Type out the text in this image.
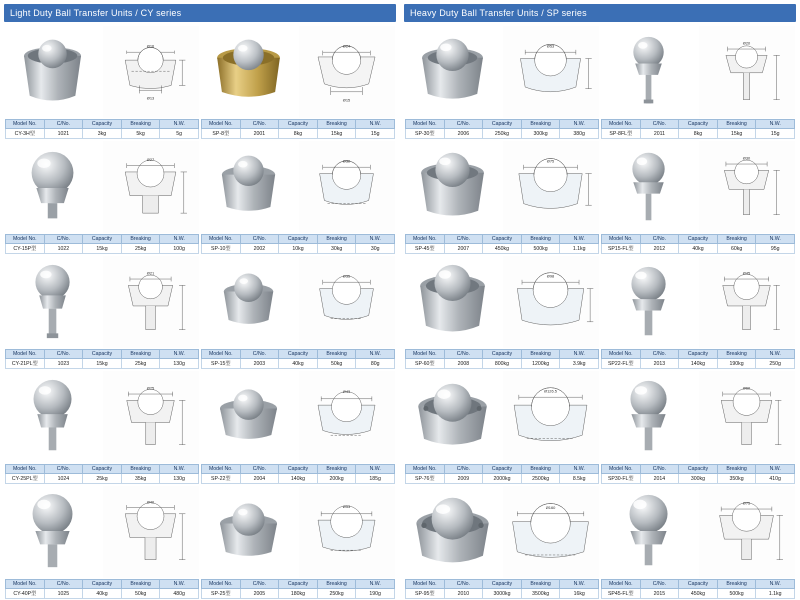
Light Duty Ball Transfer Units / CY series
Ø16
Ø13
Model No.	C/No.	Capacity	Breaking	N.W.
CY-3H型	1021	3kg	5kg	5g
Ø24
Ø15
Model No.	C/No.	Capacity	Breaking	N.W.
SP-8型	2001	8kg	15kg	15g
Ø27
Model No.	C/No.	Capacity	Breaking	N.W.
CY-15P型	1022	15kg	25kg	100g
Ø30
Model No.	C/No.	Capacity	Breaking	N.W.
SP-10型	2002	10kg	30kg	30g
Ø21
Model No.	C/No.	Capacity	Breaking	N.W.
CY-21PL型	1023	15kg	25kg	130g
Ø35
Model No.	C/No.	Capacity	Breaking	N.W.
SP-15型	2003	40kg	50kg	80g
Ø25
Model No.	C/No.	Capacity	Breaking	N.W.
CY-25PL型	1024	25kg	35kg	130g
Ø43
Model No.	C/No.	Capacity	Breaking	N.W.
SP-22型	2004	140kg	200kg	185g
Ø40
Model No.	C/No.	Capacity	Breaking	N.W.
CY-40P型	1025	40kg	50kg	480g
Ø53
Model No.	C/No.	Capacity	Breaking	N.W.
SP-25型	2005	180kg	250kg	190g
Heavy Duty Ball Transfer Units / SP series
Ø53
Model No.	C/No.	Capacity	Breaking	N.W.
SP-30型	2006	250kg	300kg	380g
Ø20
Model No.	C/No.	Capacity	Breaking	N.W.
SP-8FL型	2011	8kg	15kg	15g
Ø75
Model No.	C/No.	Capacity	Breaking	N.W.
SP-45型	2007	450kg	500kg	1.1kg
Ø30
Model No.	C/No.	Capacity	Breaking	N.W.
SP15-FL型	2012	40kg	60kg	95g
Ø98
Model No.	C/No.	Capacity	Breaking	N.W.
SP-60型	2008	800kg	1200kg	3.9kg
Ø45
Model No.	C/No.	Capacity	Breaking	N.W.
SP22-FL型	2013	140kg	190kg	250g
Ø126.5
Model No.	C/No.	Capacity	Breaking	N.W.
SP-76型	2009	2000kg	2500kg	8.5kg
Ø60
Model No.	C/No.	Capacity	Breaking	N.W.
SP30-FL型	2014	300kg	350kg	410g
Ø160
Model No.	C/No.	Capacity	Breaking	N.W.
SP-95型	2010	3000kg	3500kg	16kg
Ø75
Model No.	C/No.	Capacity	Breaking	N.W.
SP45-FL型	2015	450kg	500kg	1.1kg
